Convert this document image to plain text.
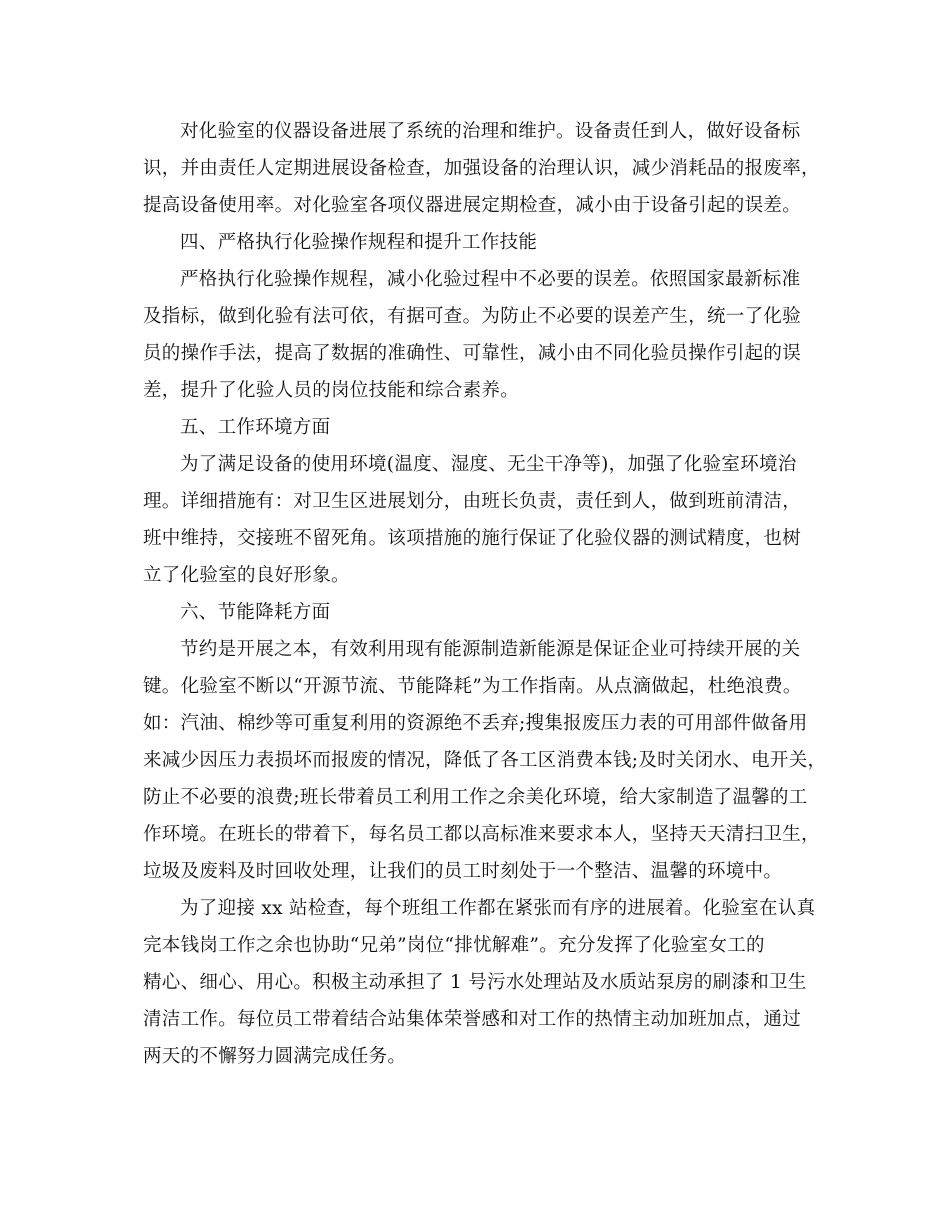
对化验室的仪器设备进展了系统的治理和维护。设备责任到人，做好设备标
识，并由责任人定期进展设备检查，加强设备的治理认识，减少消耗品的报废率，
提高设备使用率。对化验室各项仪器进展定期检查，减小由于设备引起的误差。
四、严格执行化验操作规程和提升工作技能
严格执行化验操作规程，减小化验过程中不必要的误差。依照国家最新标准
及指标，做到化验有法可依，有据可查。为防止不必要的误差产生，统一了化验
员的操作手法，提高了数据的准确性、可靠性，减小由不同化验员操作引起的误
差，提升了化验人员的岗位技能和综合素养。
五、工作环境方面
为了满足设备的使用环境(温度、湿度、无尘干净等)，加强了化验室环境治
理。详细措施有：对卫生区进展划分，由班长负责，责任到人，做到班前清洁，
班中维持，交接班不留死角。该项措施的施行保证了化验仪器的测试精度，也树
立了化验室的良好形象。
六、节能降耗方面
节约是开展之本，有效利用现有能源制造新能源是保证企业可持续开展的关
键。化验室不断以“开源节流、节能降耗”为工作指南。从点滴做起，杜绝浪费。
如：汽油、棉纱等可重复利用的资源绝不丢弃;搜集报废压力表的可用部件做备用
来减少因压力表损坏而报废的情况，降低了各工区消费本钱;及时关闭水、电开关，
防止不必要的浪费;班长带着员工利用工作之余美化环境，给大家制造了温馨的工
作环境。在班长的带着下，每名员工都以高标准来要求本人，坚持天天清扫卫生，
垃圾及废料及时回收处理，让我们的员工时刻处于一个整洁、温馨的环境中。
为了迎接 xx 站检查，每个班组工作都在紧张而有序的进展着。化验室在认真
完本钱岗工作之余也协助“兄弟”岗位“排忧解难”。充分发挥了化验室女工的
精心、细心、用心。积极主动承担了 1 号污水处理站及水质站泵房的刷漆和卫生
清洁工作。每位员工带着结合站集体荣誉感和对工作的热情主动加班加点，通过
两天的不懈努力圆满完成任务。
